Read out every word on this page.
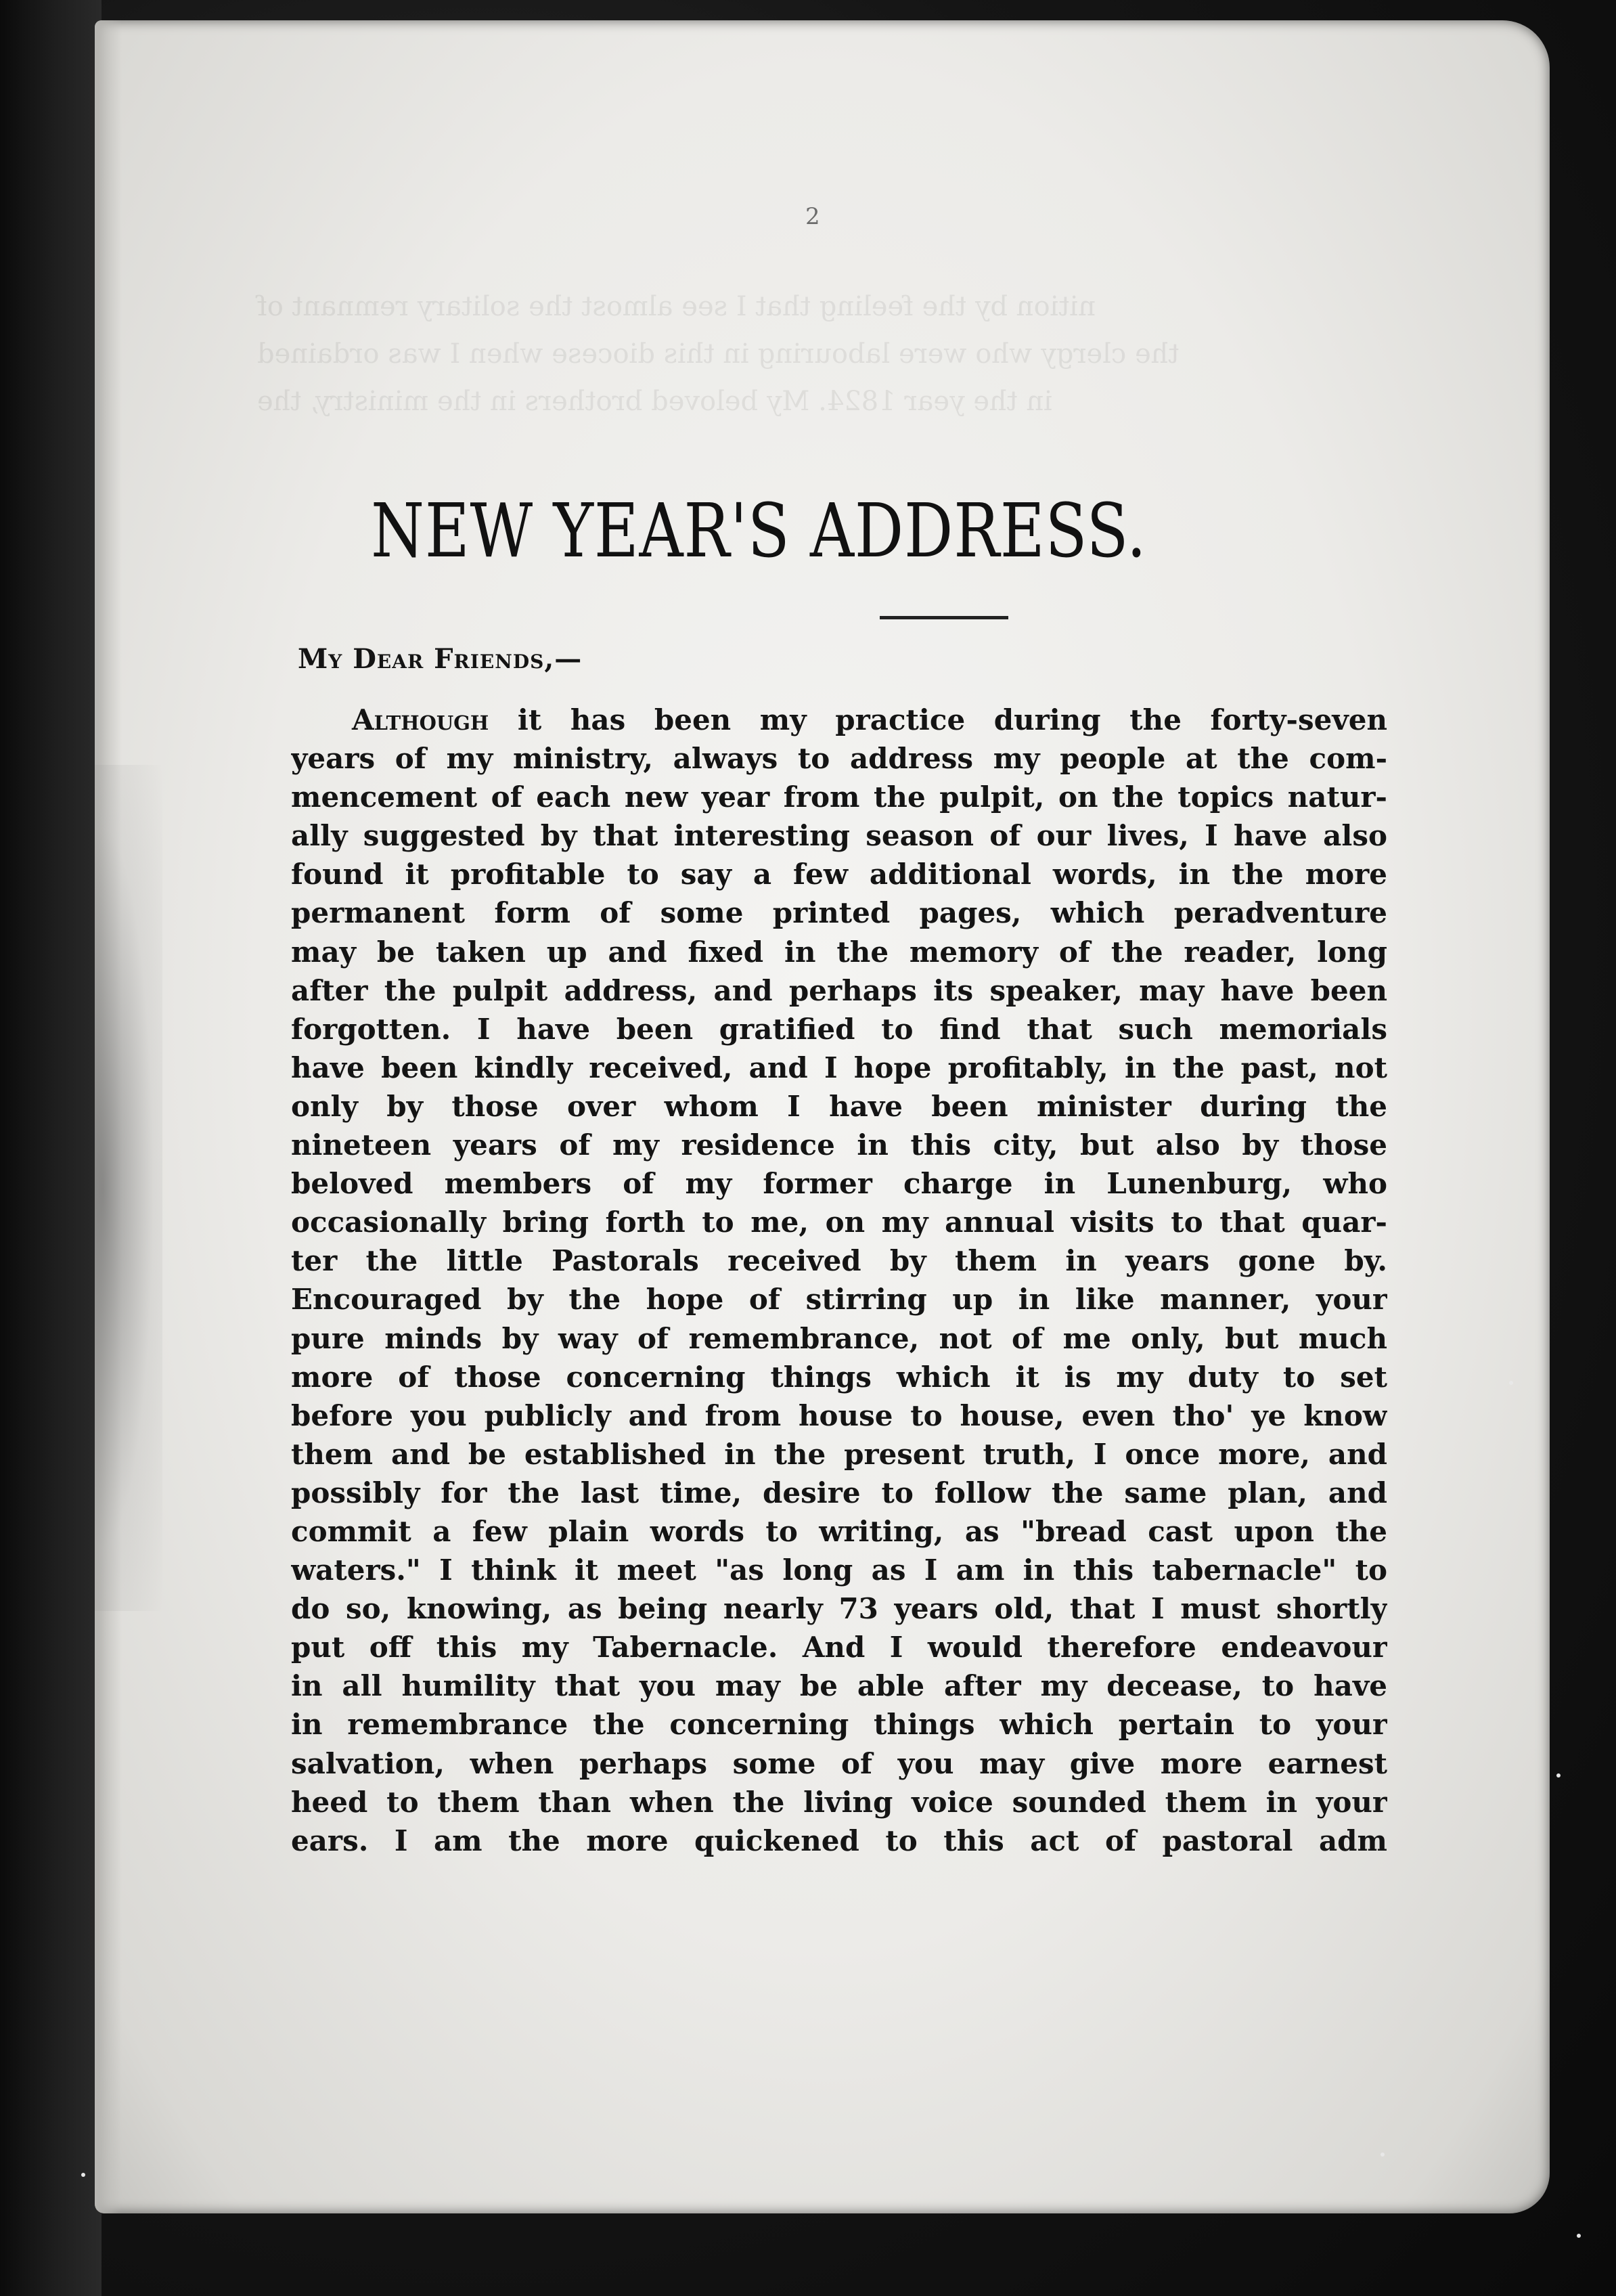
nition by the feeling that I see almost the solitary remnant of
the clergy who were labouring in this diocese when I was ordained
in the year 1824. My beloved brothers in the ministry, the
2
NEW YEAR'S ADDRESS.
My Dear Friends,—
Although it has been my practice during the forty-seven
years of my ministry, always to address my people at the com-
mencement of each new year from the pulpit, on the topics natur-
ally suggested by that interesting season of our lives, I have also
found it profitable to say a few additional words, in the more
permanent form of some printed pages, which peradventure
may be taken up and fixed in the memory of the reader, long
after the pulpit address, and perhaps its speaker, may have been
forgotten. I have been gratified to find that such memorials
have been kindly received, and I hope profitably, in the past, not
only by those over whom I have been minister during the
nineteen years of my residence in this city, but also by those
beloved members of my former charge in Lunenburg, who
occasionally bring forth to me, on my annual visits to that quar-
ter the little Pastorals received by them in years gone by.
Encouraged by the hope of stirring up in like manner, your
pure minds by way of remembrance, not of me only, but much
more of those concerning things which it is my duty to set
before you publicly and from house to house, even tho' ye know
them and be established in the present truth, I once more, and
possibly for the last time, desire to follow the same plan, and
commit a few plain words to writing, as "bread cast upon the
waters." I think it meet "as long as I am in this tabernacle" to
do so, knowing, as being nearly 73 years old, that I must shortly
put off this my Tabernacle. And I would therefore endeavour
in all humility that you may be able after my decease, to have
in remembrance the concerning things which pertain to your
salvation, when perhaps some of you may give more earnest
heed to them than when the living voice sounded them in your
ears. I am the more quickened to this act of pastoral adm
